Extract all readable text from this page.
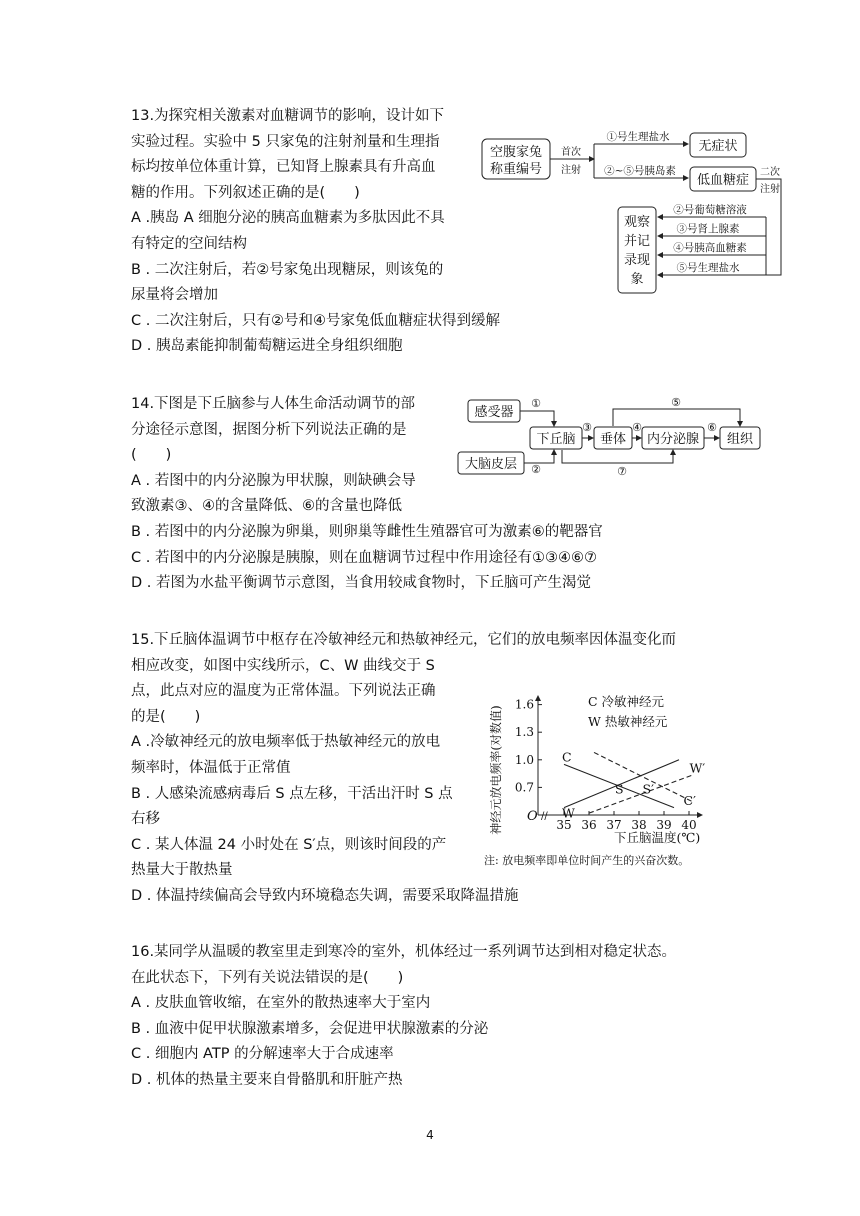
13.为探究相关激素对血糖调节的影响，设计如下

实验过程。实验中 5 只家兔的注射剂量和生理指

标均按单位体重计算，已知肾上腺素具有升高血

糖的作用。下列叙述正确的是(　　)

A .胰岛 A 细胞分泌的胰高血糖素为多肽因此不具

有特定的空间结构

B . 二次注射后，若②号家兔出现糖尿，则该兔的

尿量将会增加

C . 二次注射后，只有②号和④号家兔低血糖症状得到缓解

D . 胰岛素能抑制葡萄糖运进全身组织细胞

空腹家兔
称重编号
首次
注射
①号生理盐水
②~⑤号胰岛素
无症状
低血糖症
二次
注射
②号葡萄糖溶液
③号肾上腺素
④号胰高血糖素
⑤号生理盐水
观察
并记
录现
象

14.下图是下丘脑参与人体生命活动调节的部

分途径示意图，据图分析下列说法正确的是

(　　)

A . 若图中的内分泌腺为甲状腺，则缺碘会导

致激素③、④的含量降低、⑥的含量也降低

B . 若图中的内分泌腺为卵巢，则卵巢等雌性生殖器官可为激素⑥的靶器官

C . 若图中的内分泌腺是胰腺，则在血糖调节过程中作用途径有①③④⑥⑦

D . 若图为水盐平衡调节示意图，当食用较咸食物时，下丘脑可产生渴觉

感受器
大脑皮层
下丘脑 垂体 内分泌腺 组织
①
②
③	④
⑤
⑥
⑦

15.下丘脑体温调节中枢存在冷敏神经元和热敏神经元，它们的放电频率因体温变化而

相应改变，如图中实线所示，C、W 曲线交于 S

点，此点对应的温度为正常体温。下列说法正确

的是(　　)

A .冷敏神经元的放电频率低于热敏神经元的放电

频率时，体温低于正常值

B . 人感染流感病毒后 S 点左移，干活出汗时 S 点

右移

C . 某人体温 24 小时处在 S′点，则该时间段的产

热量大于散热量

D . 体温持续偏高会导致内环境稳态失调，需要采取降温措施

神经元放电频率(对数值) O //
35 36 37 38 39 40
0.7
1.0
1.3
1.6
C
W
C′
W′
S S′
C 冷敏神经元
W 热敏神经元
下丘脑温度(℃)
注: 放电频率即单位时间产生的兴奋次数。

16.某同学从温暖的教室里走到寒冷的室外，机体经过一系列调节达到相对稳定状态。

在此状态下，下列有关说法错误的是(　　)

A . 皮肤血管收缩，在室外的散热速率大于室内

B . 血液中促甲状腺激素增多，会促进甲状腺激素的分泌

C . 细胞内 ATP 的分解速率大于合成速率

D . 机体的热量主要来自骨骼肌和肝脏产热

4
